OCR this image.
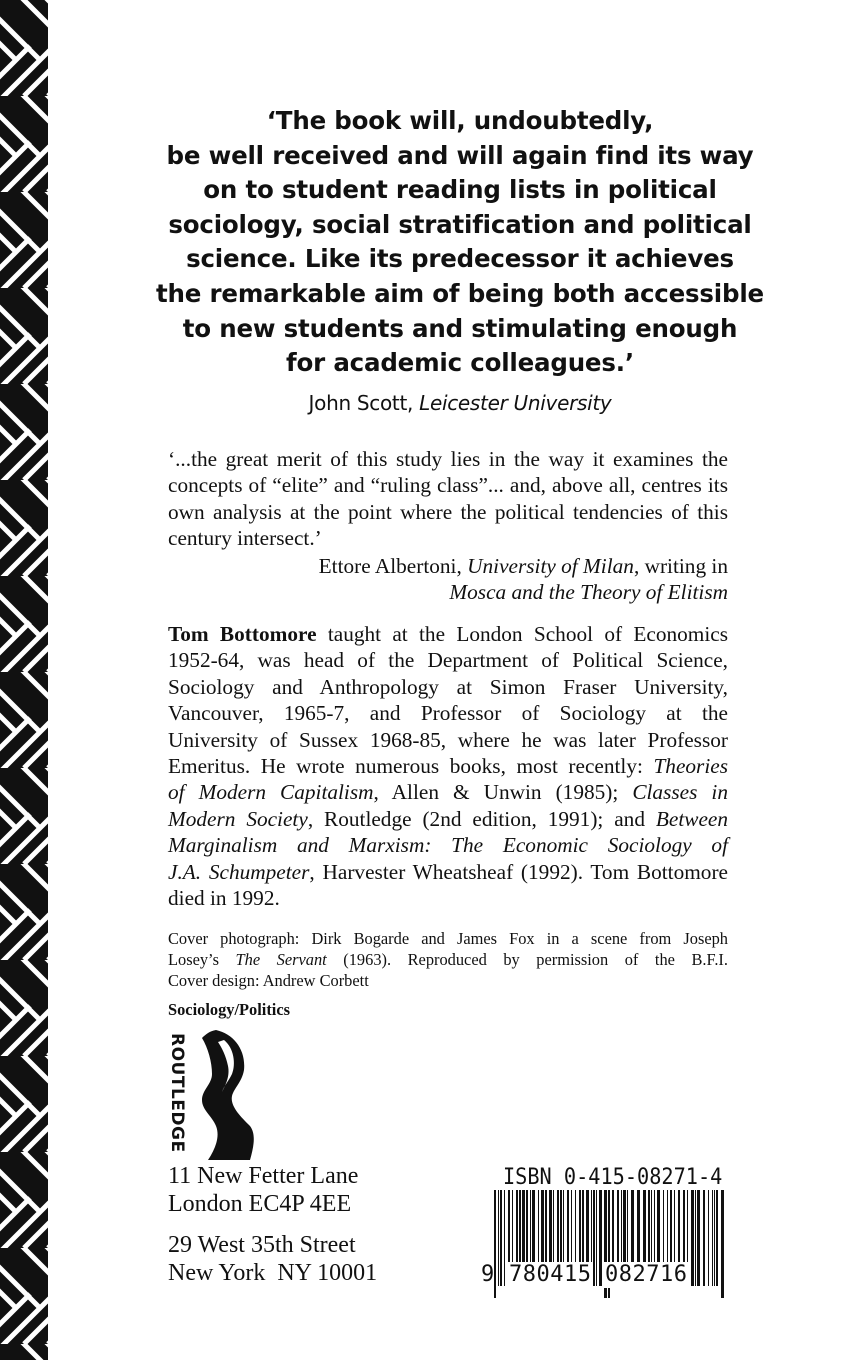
‘The book will, undoubtedly,
be well received and will again find its way
on to student reading lists in political
sociology, social stratification and political
science. Like its predecessor it achieves
the remarkable aim of being both accessible
to new students and stimulating enough
for academic colleagues.’
John Scott, Leicester University
‘...the great merit of this study lies in the way it examines the concepts of “elite” and “ruling class”... and, above all, centres its own analysis at the point where the political tendencies of this century intersect.’
Ettore Albertoni, University of Milan, writing in
Mosca and the Theory of Elitism
Tom Bottomore taught at the London School of Economics
1952-64, was head of the Department of Political Science,
Sociology and Anthropology at Simon Fraser University,
Vancouver, 1965-7, and Professor of Sociology at the
University of Sussex 1968-85, where he was later Professor
Emeritus. He wrote numerous books, most recently: Theories
of Modern Capitalism, Allen & Unwin (1985); Classes in
Modern Society, Routledge (2nd edition, 1991); and Between
Marginalism and Marxism: The Economic Sociology of
J.A. Schumpeter, Harvester Wheatsheaf (1992). Tom Bottomore
died in 1992.
Cover photograph: Dirk Bogarde and James Fox in a scene from Joseph
Losey’s The Servant (1963). Reproduced by permission of the B.F.I.
Cover design: Andrew Corbett
Sociology/Politics
ROUTLEDGE
11 New Fetter Lane
London EC4P 4EE
29 West 35th Street
New York  NY 10001
ISBN 0-415-08271-4
9 780415 082716
